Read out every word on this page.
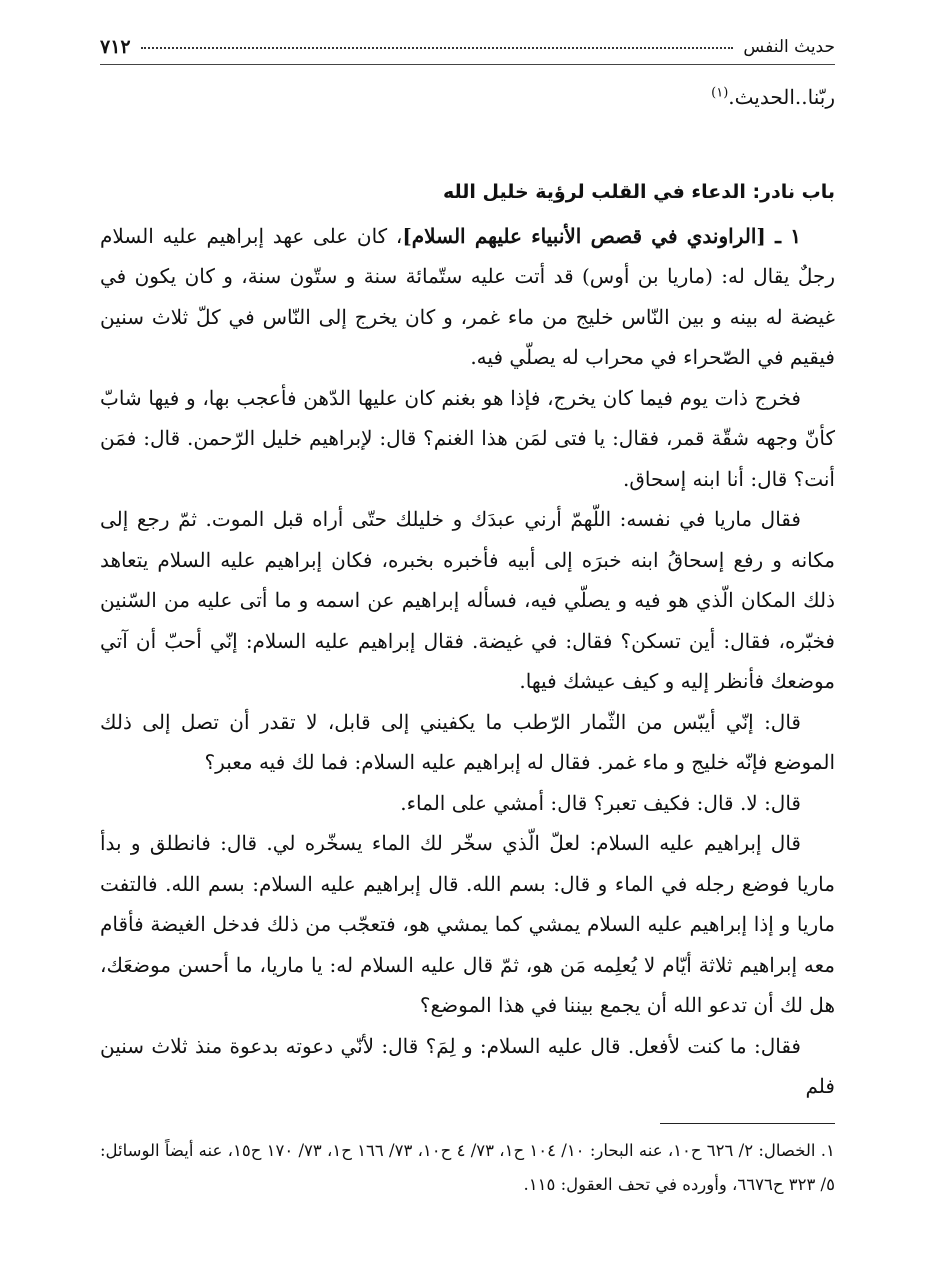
حديث النفس
٧١٢

ربّنا..الحديث.$^{(١)}$

باب نادر: الدعاء في القلب لرؤية خليل الله

١ ـ [الراوندي في قصص الأنبياء عليهم السلام]، كان على عهد إبراهيم عليه السلام رجلٌ يقال له: (ماريا بن أوس) قد أتت عليه ستّمائة سنة و ستّون سنة، و كان يكون في غيضة له بينه و بين النّاس خليج من ماء غمر، و كان يخرج إلى النّاس في كلّ ثلاث سنين فيقيم في الصّحراء في محراب له يصلّي فيه.

فخرج ذات يوم فيما كان يخرج، فإذا هو بغنم كان عليها الدّهن فأعجب بها، و فيها شابّ كأنّ وجهه شقّة قمر، فقال: يا فتى لمَن هذا الغنم؟ قال: لإبراهيم خليل الرّحمن. قال: فمَن أنت؟ قال: أنا ابنه إسحاق.

فقال ماريا في نفسه: اللّهمّ أرني عبدَك و خليلك حتّى أراه قبل الموت. ثمّ رجع إلى مكانه و رفع إسحاقُ ابنه خبرَه إلى أبيه فأخبره بخبره، فكان إبراهيم عليه السلام يتعاهد ذلك المكان الّذي هو فيه و يصلّي فيه، فسأله إبراهيم عن اسمه و ما أتى عليه من السّنين فخبّره، فقال: أين تسكن؟ فقال: في غيضة. فقال إبراهيم عليه السلام: إنّي أحبّ أن آتي موضعك فأنظر إليه و كيف عيشك فيها.

قال: إنّي أيبّس من الثّمار الرّطب ما يكفيني إلى قابل، لا تقدر أن تصل إلى ذلك الموضع فإنّه خليج و ماء غمر. فقال له إبراهيم عليه السلام: فما لك فيه معبر؟

قال: لا. قال: فكيف تعبر؟ قال: أمشي على الماء.

قال إبراهيم عليه السلام: لعلّ الّذي سخّر لك الماء يسخّره لي. قال: فانطلق و بدأ ماريا فوضع رجله في الماء و قال: بسم الله. قال إبراهيم عليه السلام: بسم الله. فالتفت ماريا و إذا إبراهيم عليه السلام يمشي كما يمشي هو، فتعجّب من ذلك فدخل الغيضة فأقام معه إبراهيم ثلاثة أيّام لا يُعلِمه مَن هو، ثمّ قال عليه السلام له: يا ماريا، ما أحسن موضعَك، هل لك أن تدعو الله أن يجمع بيننا في هذا الموضع؟

فقال: ما كنت لأفعل. قال عليه السلام: و لِمَ؟ قال: لأنّي دعوته بدعوة منذ ثلاث سنين فلم

١. الخصال: ٢/ ٦٢٦ ح١٠، عنه البحار: ١٠/ ١٠٤ ح١، ٧٣/ ٤ ح١٠، ٧٣/ ١٦٦ ح١، ٧٣/ ١٧٠ ح١٥، عنه أيضاً الوسائل: ٥/ ٣٢٣ ح٦٦٧٦، وأورده في تحف العقول: ١١٥.
